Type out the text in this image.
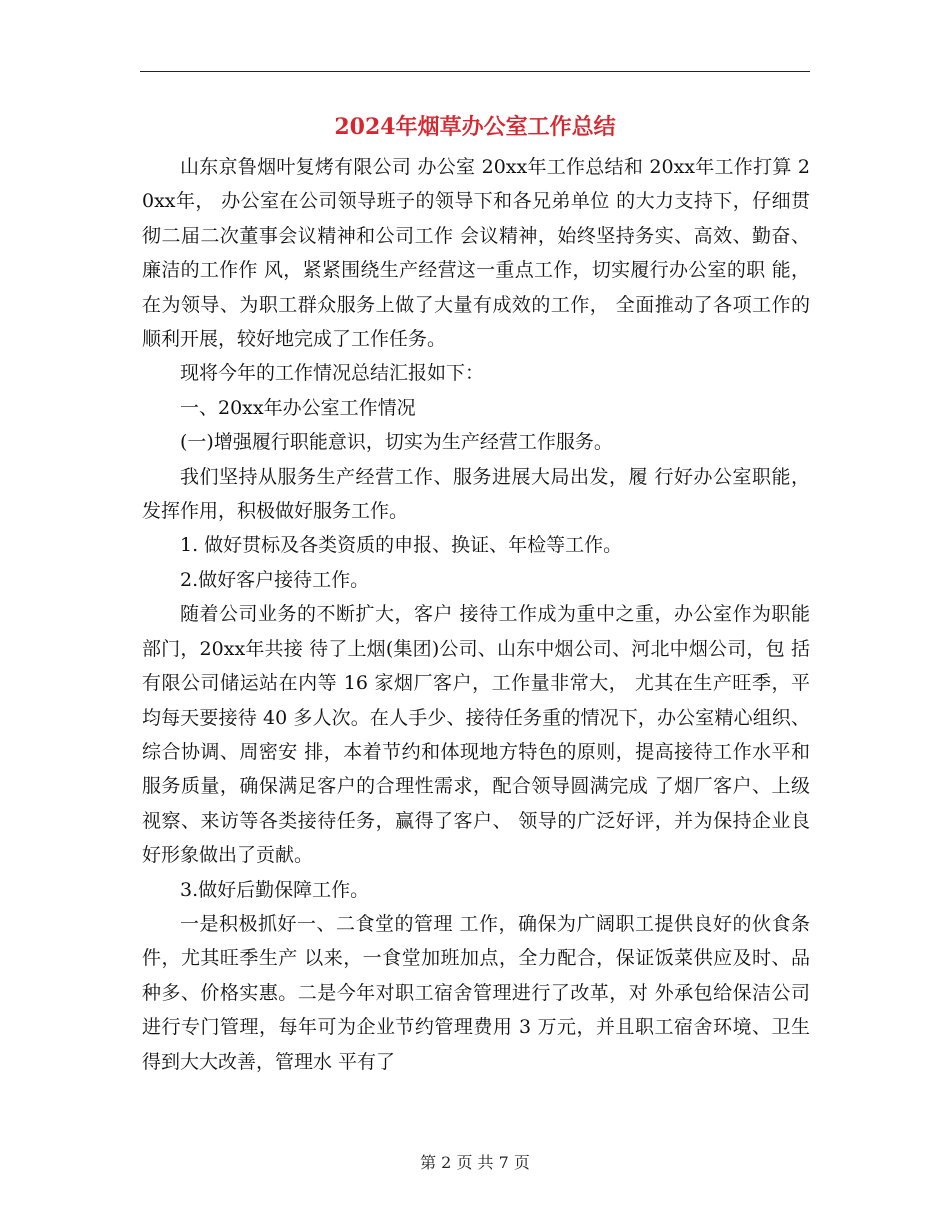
2024年烟草办公室工作总结

山东京鲁烟叶复烤有限公司 办公室 20xx年工作总结和 20xx年工作打算 20xx年， 办公室在公司领导班子的领导下和各兄弟单位 的大力支持下，仔细贯彻二届二次董事会议精神和公司工作 会议精神，始终坚持务实、高效、勤奋、廉洁的工作作 风，紧紧围绕生产经营这一重点工作，切实履行办公室的职 能，在为领导、为职工群众服务上做了大量有成效的工作， 全面推动了各项工作的顺利开展，较好地完成了工作任务。

现将今年的工作情况总结汇报如下：

一、20xx年办公室工作情况

(一)增强履行职能意识，切实为生产经营工作服务。

我们坚持从服务生产经营工作、服务进展大局出发，履 行好办公室职能，发挥作用，积极做好服务工作。

1. 做好贯标及各类资质的申报、换证、年检等工作。

2.做好客户接待工作。

随着公司业务的不断扩大，客户 接待工作成为重中之重，办公室作为职能部门，20xx年共接 待了上烟(集团)公司、山东中烟公司、河北中烟公司，包 括有限公司储运站在内等 16 家烟厂客户，工作量非常大， 尤其在生产旺季，平均每天要接待 40 多人次。在人手少、接待任务重的情况下，办公室精心组织、综合协调、周密安 排，本着节约和体现地方特色的原则，提高接待工作水平和 服务质量，确保满足客户的合理性需求，配合领导圆满完成 了烟厂客户、上级视察、来访等各类接待任务，赢得了客户、 领导的广泛好评，并为保持企业良好形象做出了贡献。

3.做好后勤保障工作。

一是积极抓好一、二食堂的管理 工作，确保为广阔职工提供良好的伙食条件，尤其旺季生产 以来，一食堂加班加点，全力配合，保证饭菜供应及时、品 种多、价格实惠。二是今年对职工宿舍管理进行了改革，对 外承包给保洁公司进行专门管理，每年可为企业节约管理费用 3 万元，并且职工宿舍环境、卫生得到大大改善，管理水 平有了

第 2 页 共 7 页
